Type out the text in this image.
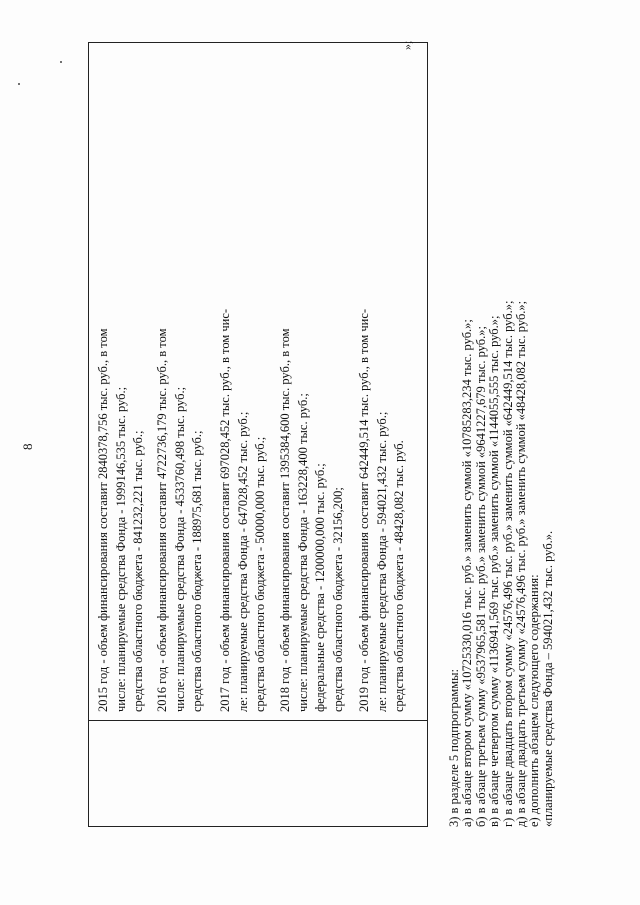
8	2015 год - объем финансирования составит 2840378,756 тыс. руб., в том числе: планируемые средства Фонда - 1999146,535 тыс. руб.; средства областного бюджета - 841232,221 тыс. руб.; 2016 год - объем финансирования составит 4722736,179 тыс. руб., в том числе: планируемые средства Фонда - 4533760,498 тыс. руб.; средства областного бюджета - 188975,681 тыс. руб.; 2017 год - объем финансирования составит 697028,452 тыс. руб., в том чис- ле: планируемые средства Фонда - 647028,452 тыс. руб.; средства областного бюджета - 50000,000 тыс. руб.; 2018 год - объем финансирования составит 1395384,600 тыс. руб., в том числе: планируемые средства Фонда - 163228,400 тыс. руб.; федеральные средства - 1200000,000 тыс. руб.; средства областного бюджета - 32156,200; 2019 год - объем финансирования составит 642449,514 тыс. руб., в том чис- ле: планируемые средства Фонда - 594021,432 тыс. руб.; средства областного бюджета - 48428,082 тыс. руб.
»;
3) в разделе 5 подпрограммы: а) в абзаце втором сумму «10725330,016 тыс. руб.» заменить суммой «10785283,234 тыс. руб.»; б) в абзаце третьем сумму «9537965,581 тыс. руб.» заменить суммой «9641227,679 тыс. руб.»; в) в абзаце четвертом сумму «1136941,569 тыс. руб.» заменить суммой «1144055,555 тыс. руб.»; г) в абзаце двадцать втором сумму «24576,496 тыс. руб.» заменить суммой «642449,514 тыс. руб.»; д) в абзаце двадцать третьем сумму «24576,496 тыс. руб.» заменить суммой «48428,082 тыс. руб.»; е) дополнить абзацем следующего содержания: «планируемые средства Фонда – 594021,432 тыс. руб.».
